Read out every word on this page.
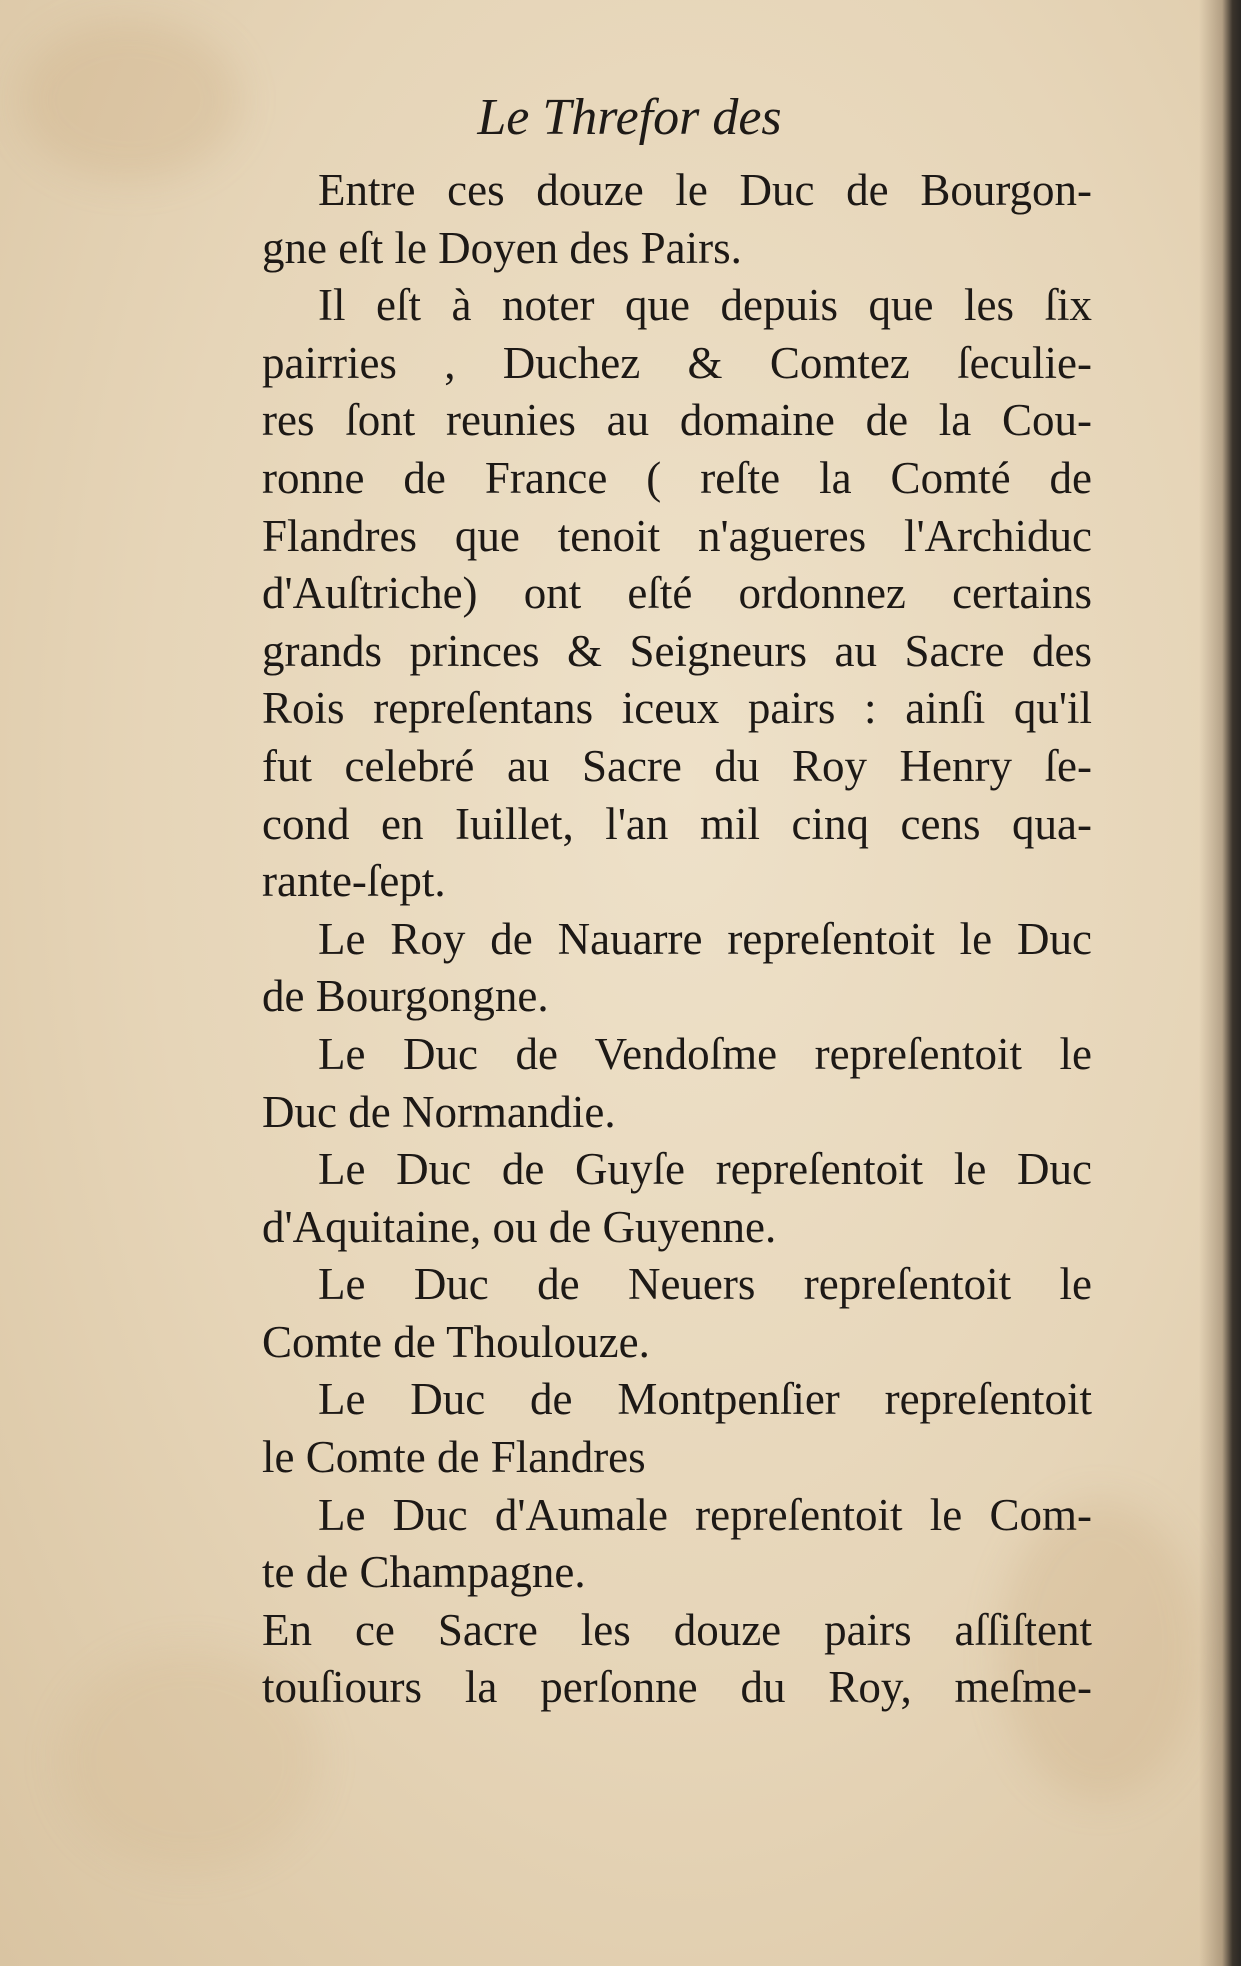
Le Threfor des
Entre ces douze le Duc de Bourgon-
gne eſt le Doyen des Pairs.
Il eſt à noter que depuis que les ſix
pairries , Duchez & Comtez ſeculie-
res ſont reunies au domaine de la Cou-
ronne de France ( reſte la Comté de
Flandres que tenoit n'agueres l'Archiduc
d'Auſtriche) ont eſté ordonnez certains
grands princes & Seigneurs au Sacre des
Rois repreſentans iceux pairs : ainſi qu'il
fut celebré au Sacre du Roy Henry ſe-
cond en Iuillet, l'an mil cinq cens qua-
rante-ſept.
Le Roy de Nauarre repreſentoit le Duc
de Bourgongne.
Le Duc de Vendoſme repreſentoit le
Duc de Normandie.
Le Duc de Guyſe repreſentoit le Duc
d'Aquitaine, ou de Guyenne.
Le Duc de Neuers repreſentoit le
Comte de Thoulouze.
Le Duc de Montpenſier repreſentoit
le Comte de Flandres
Le Duc d'Aumale repreſentoit le Com-
te de Champagne.
En ce Sacre les douze pairs aſſiſtent
touſiours la perſonne du Roy, meſme-
